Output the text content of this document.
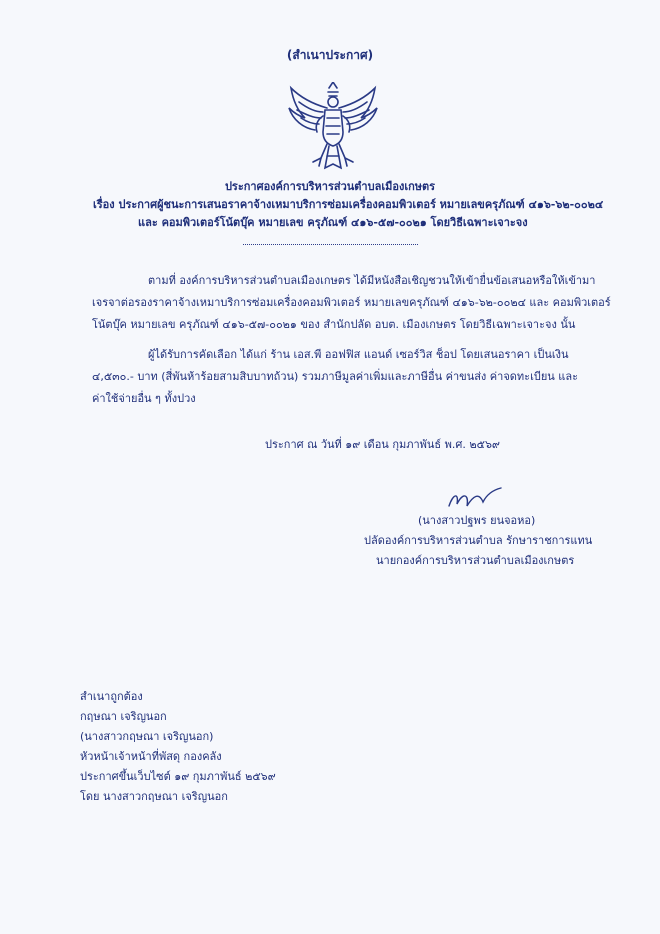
(สำเนาประกาศ)
ประกาศองค์การบริหารส่วนตำบลเมืองเกษตร
เรื่อง ประกาศผู้ชนะการเสนอราคาจ้างเหมาบริการซ่อมเครื่องคอมพิวเตอร์ หมายเลขครุภัณฑ์ ๔๑๖-๖๒-๐๐๒๔
และ คอมพิวเตอร์โน้ตบุ๊ค หมายเลข ครุภัณฑ์ ๔๑๖-๕๗-๐๐๒๑ โดยวิธีเฉพาะเจาะจง
ตามที่ องค์การบริหารส่วนตำบลเมืองเกษตร ได้มีหนังสือเชิญชวนให้เข้ายื่นข้อเสนอหรือให้เข้ามา
เจรจาต่อรองราคาจ้างเหมาบริการซ่อมเครื่องคอมพิวเตอร์ หมายเลขครุภัณฑ์ ๔๑๖-๖๒-๐๐๒๔ และ คอมพิวเตอร์
โน้ตบุ๊ค หมายเลข ครุภัณฑ์ ๔๑๖-๕๗-๐๐๒๑ ของ สำนักปลัด อบต. เมืองเกษตร โดยวิธีเฉพาะเจาะจง นั้น
ผู้ได้รับการคัดเลือก ได้แก่ ร้าน เอส.พี ออฟฟิส แอนด์ เซอร์วิส ช็อป โดยเสนอราคา เป็นเงิน
๔,๕๓๐.- บาท (สี่พันห้าร้อยสามสิบบาทถ้วน) รวมภาษีมูลค่าเพิ่มและภาษีอื่น ค่าขนส่ง ค่าจดทะเบียน และ
ค่าใช้จ่ายอื่น ๆ ทั้งปวง
ประกาศ ณ วันที่ ๑๙ เดือน กุมภาพันธ์ พ.ศ. ๒๕๖๙
(นางสาวปฐพร ยนจอหอ)
ปลัดองค์การบริหารส่วนตำบล รักษาราชการแทน
นายกองค์การบริหารส่วนตำบลเมืองเกษตร
สำเนาถูกต้อง
กฤษณา เจริญนอก
(นางสาวกฤษณา เจริญนอก)
หัวหน้าเจ้าหน้าที่พัสดุ กองคลัง
ประกาศขึ้นเว็บไซต์ ๑๙ กุมภาพันธ์ ๒๕๖๙
โดย นางสาวกฤษณา เจริญนอก
